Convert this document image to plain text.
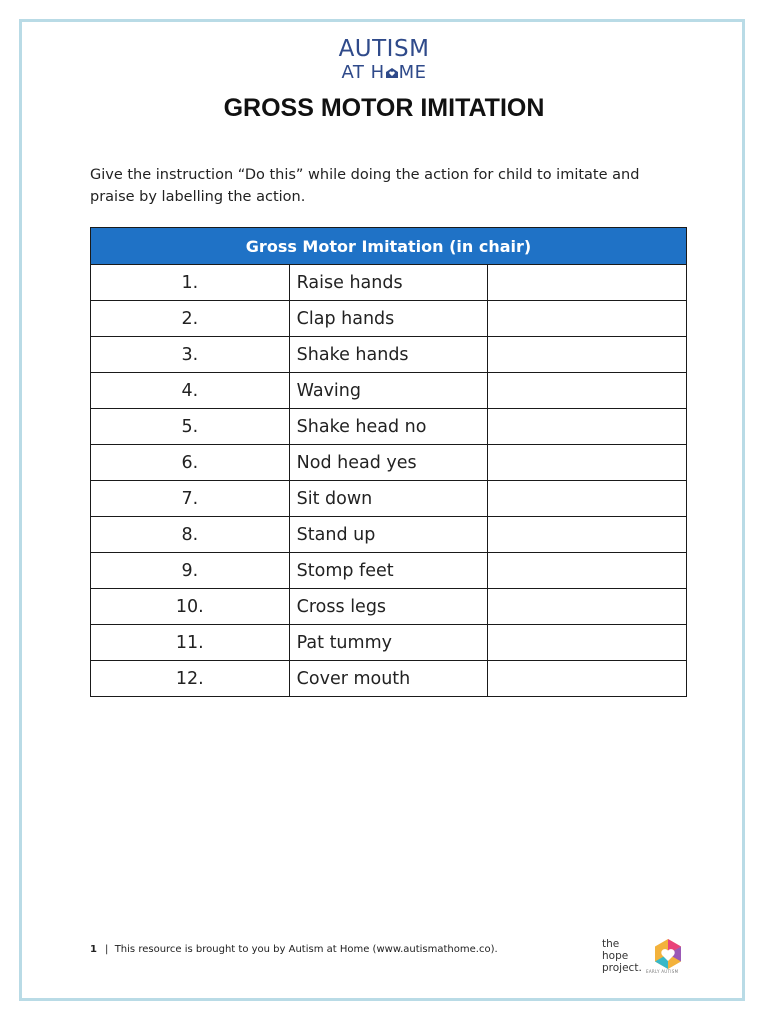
AUTISM
AT H ME
GROSS MOTOR IMITATION
Give the instruction “Do this” while doing the action for child to imitate and praise by labelling the action.
Gross Motor Imitation (in chair)		
1.	Raise hands	
2.	Clap hands	
3.	Shake hands	
4.	Waving	
5.	Shake head no	
6.	Nod head yes	
7.	Sit down	
8.	Stand up	
9.	Stomp feet	
10.	Cross legs	
11.	Pat tummy	
12.	Cover mouth	
1 | This resource is brought to you by Autism at Home (www.autismathome.co).	the
hope
project. EARLY AUTISM
